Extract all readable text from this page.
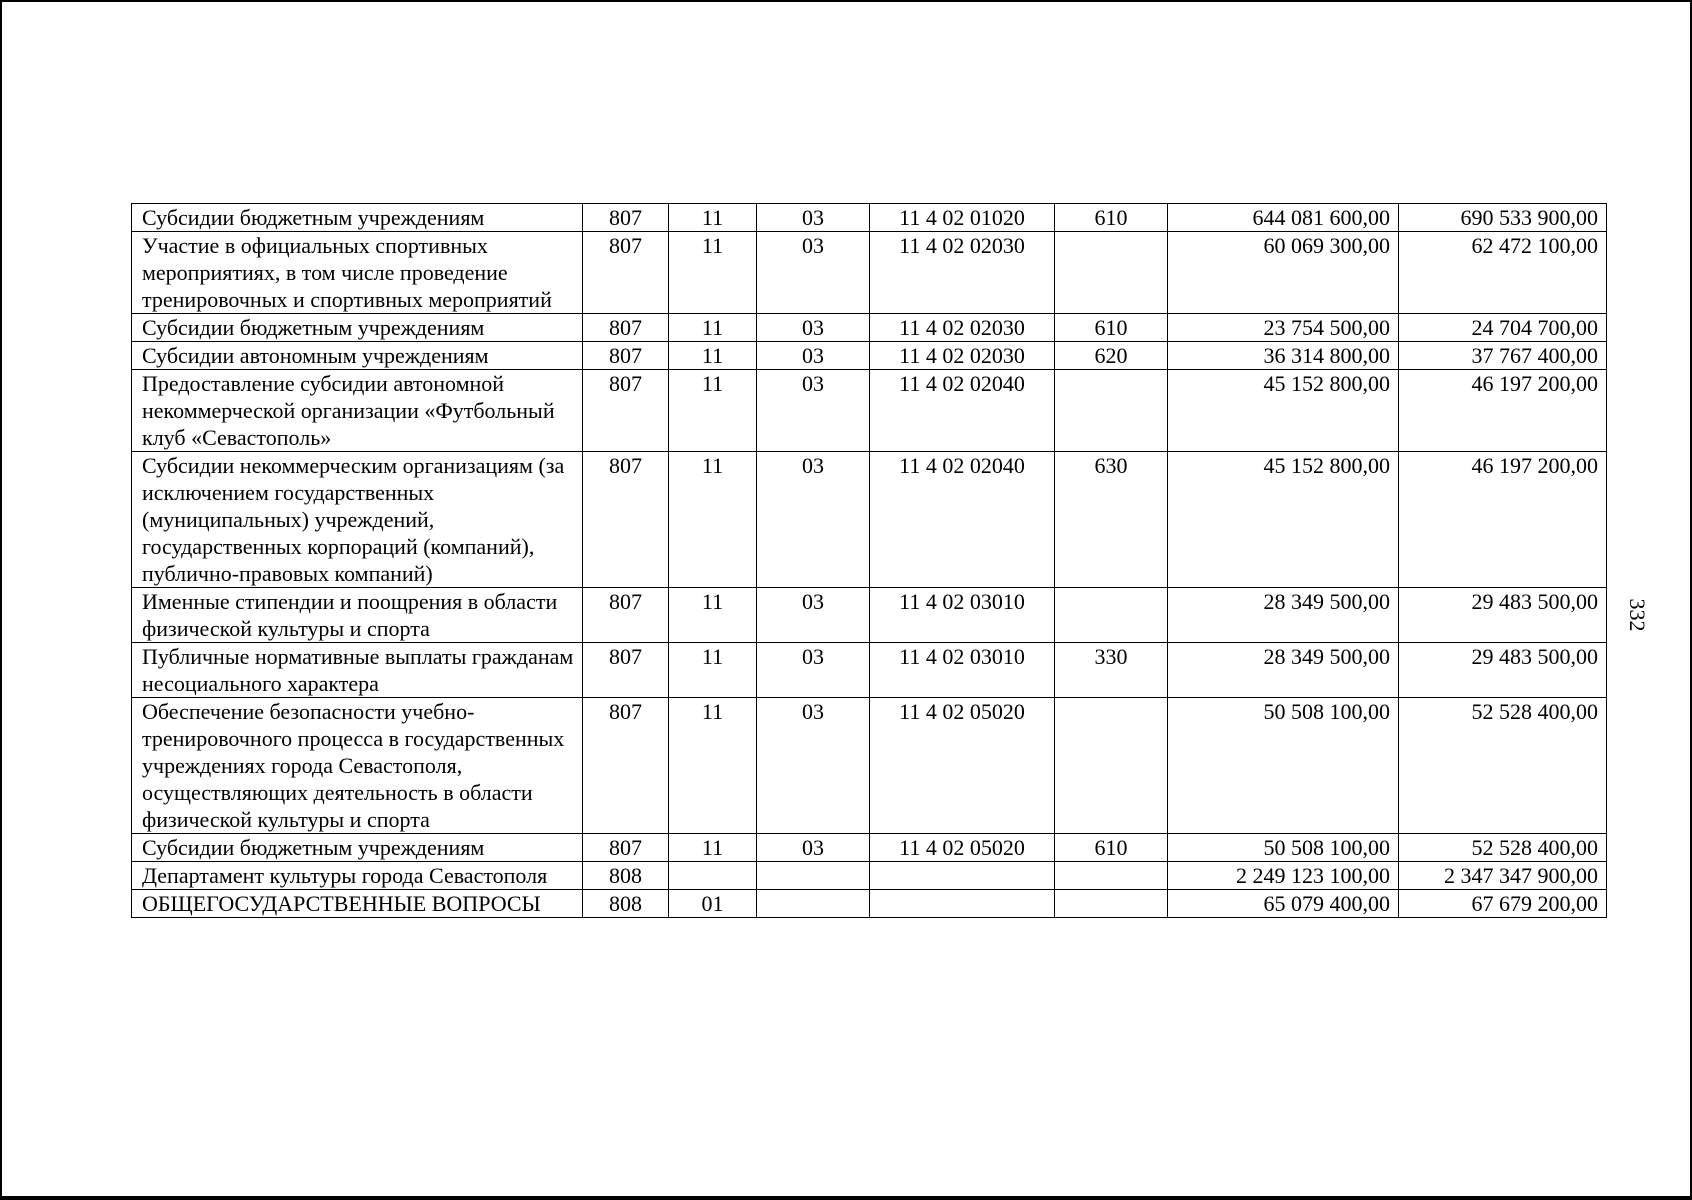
Субсидии бюджетным учреждениям	807	11	03	11 4 02 01020	610	644 081 600,00	690 533 900,00
Участие в официальных спортивных мероприятиях, в том числе проведение тренировочных и спортивных мероприятий	807	11	03	11 4 02 02030		60 069 300,00	62 472 100,00
Субсидии бюджетным учреждениям	807	11	03	11 4 02 02030	610	23 754 500,00	24 704 700,00
Субсидии автономным учреждениям	807	11	03	11 4 02 02030	620	36 314 800,00	37 767 400,00
Предоставление субсидии автономной некоммерческой организации «Футбольный клуб «Севастополь»	807	11	03	11 4 02 02040		45 152 800,00	46 197 200,00
Субсидии некоммерческим организациям (за исключением государственных (муниципальных) учреждений, государственных корпораций (компаний), публично-правовых компаний)	807	11	03	11 4 02 02040	630	45 152 800,00	46 197 200,00
Именные стипендии и поощрения в области физической культуры и спорта	807	11	03	11 4 02 03010		28 349 500,00	29 483 500,00
Публичные нормативные выплаты гражданам несоциального характера	807	11	03	11 4 02 03010	330	28 349 500,00	29 483 500,00
Обеспечение безопасности учебно-тренировочного процесса в государственных учреждениях города Севастополя, осуществляющих деятельность в области физической культуры и спорта	807	11	03	11 4 02 05020		50 508 100,00	52 528 400,00
Субсидии бюджетным учреждениям	807	11	03	11 4 02 05020	610	50 508 100,00	52 528 400,00
Департамент культуры города Севастополя	808					2 249 123 100,00	2 347 347 900,00
ОБЩЕГОСУДАРСТВЕННЫЕ ВОПРОСЫ	808	01				65 079 400,00	67 679 200,00
332
